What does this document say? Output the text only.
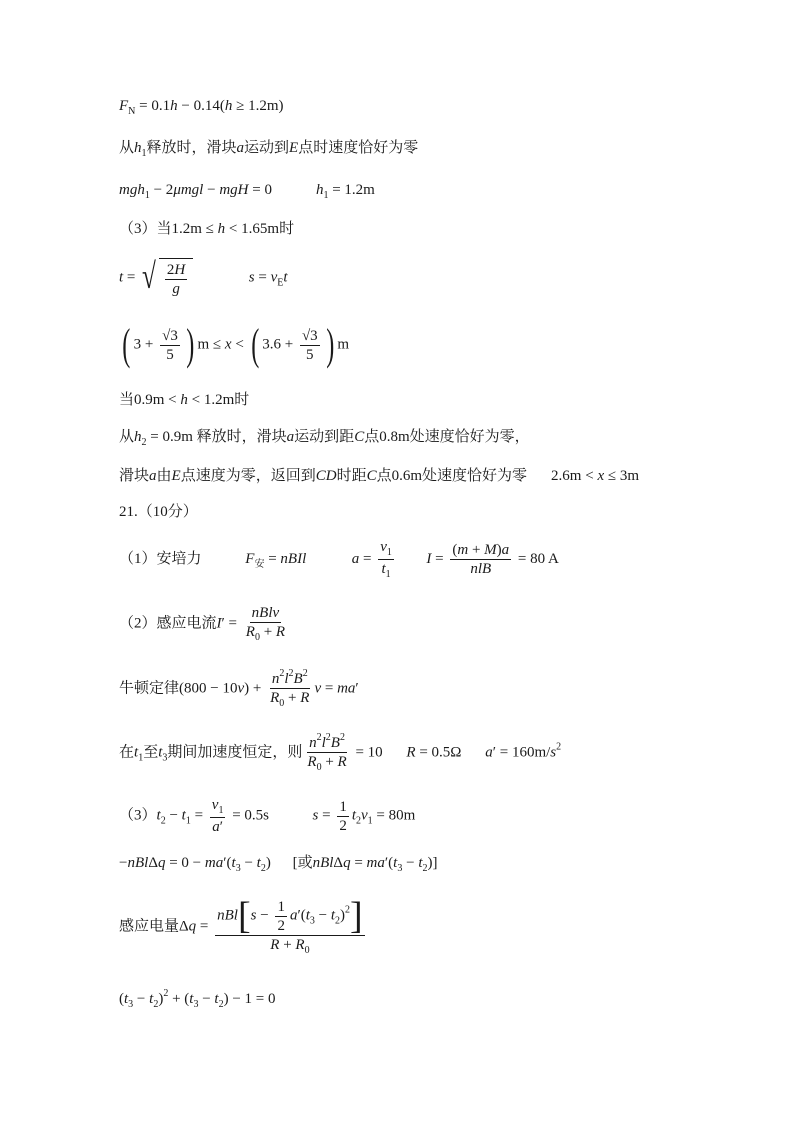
$F_N = 0.1h - 0.14(h \ge 1.2m)$
从$h_1$释放时，滑块a运动到E点时速度恰好为零
mgh$_1$ − 2μmgl − mgH = 0	$h_1 = 1.2m$
（3）当1.2m ≤ h < 1.65m时
t = √ $\frac{2H}{g}$	$s = v_Et$
( $3 + \frac{√3}{5}$ ) m ≤ x < ( $3.6 + \frac{√3}{5}$ ) m
当0.9m < h < 1.2m时
从$h_2 = 0.9m$ 释放时，滑块a运动到距C点0.8m处速度恰好为零，
滑块a由E点速度为零，返回到CD时距C点0.6m处速度恰好为零 2.6m < x ≤ 3m
21.（10分）
（1）安培力	$F_安$ = nBIl	$a = \frac{v_1}{t_1}$ $I = \frac{(m + M)a}{\text{nlB}} = 80$ A
（2）感应电流$I' = \frac{\text{nBlv}}{R_0 + R}$
牛顿定律$(800 - 10v) + \frac{n^2l^2B^2}{R_0 + R}$ v = ma′
在$t_1$至$t_3$期间加速度恒定，则 $\frac{n^2l^2B^2}{R_0 + R} = 10$ R = 0.5Ω $a' = 160m/s^2$
$(3)t_2 - t_1 = \frac{v_1}{a'} = 0.5s$	$s = \frac{1}{2} t_2v_1 = 80m$
$-nBl\Delta q = 0 - ma'(t_3 - t_2)$ [或$nBl\Delta q = ma'(t_3 - t_2)$]
感应电量$\Delta q = \frac{nBl[s - \frac{1}{2} a'(t_3 - t_2)^2]}{R + R_0}$
$(t_3 - t_2)^2 + (t_3 - t_2) - 1 = 0$
